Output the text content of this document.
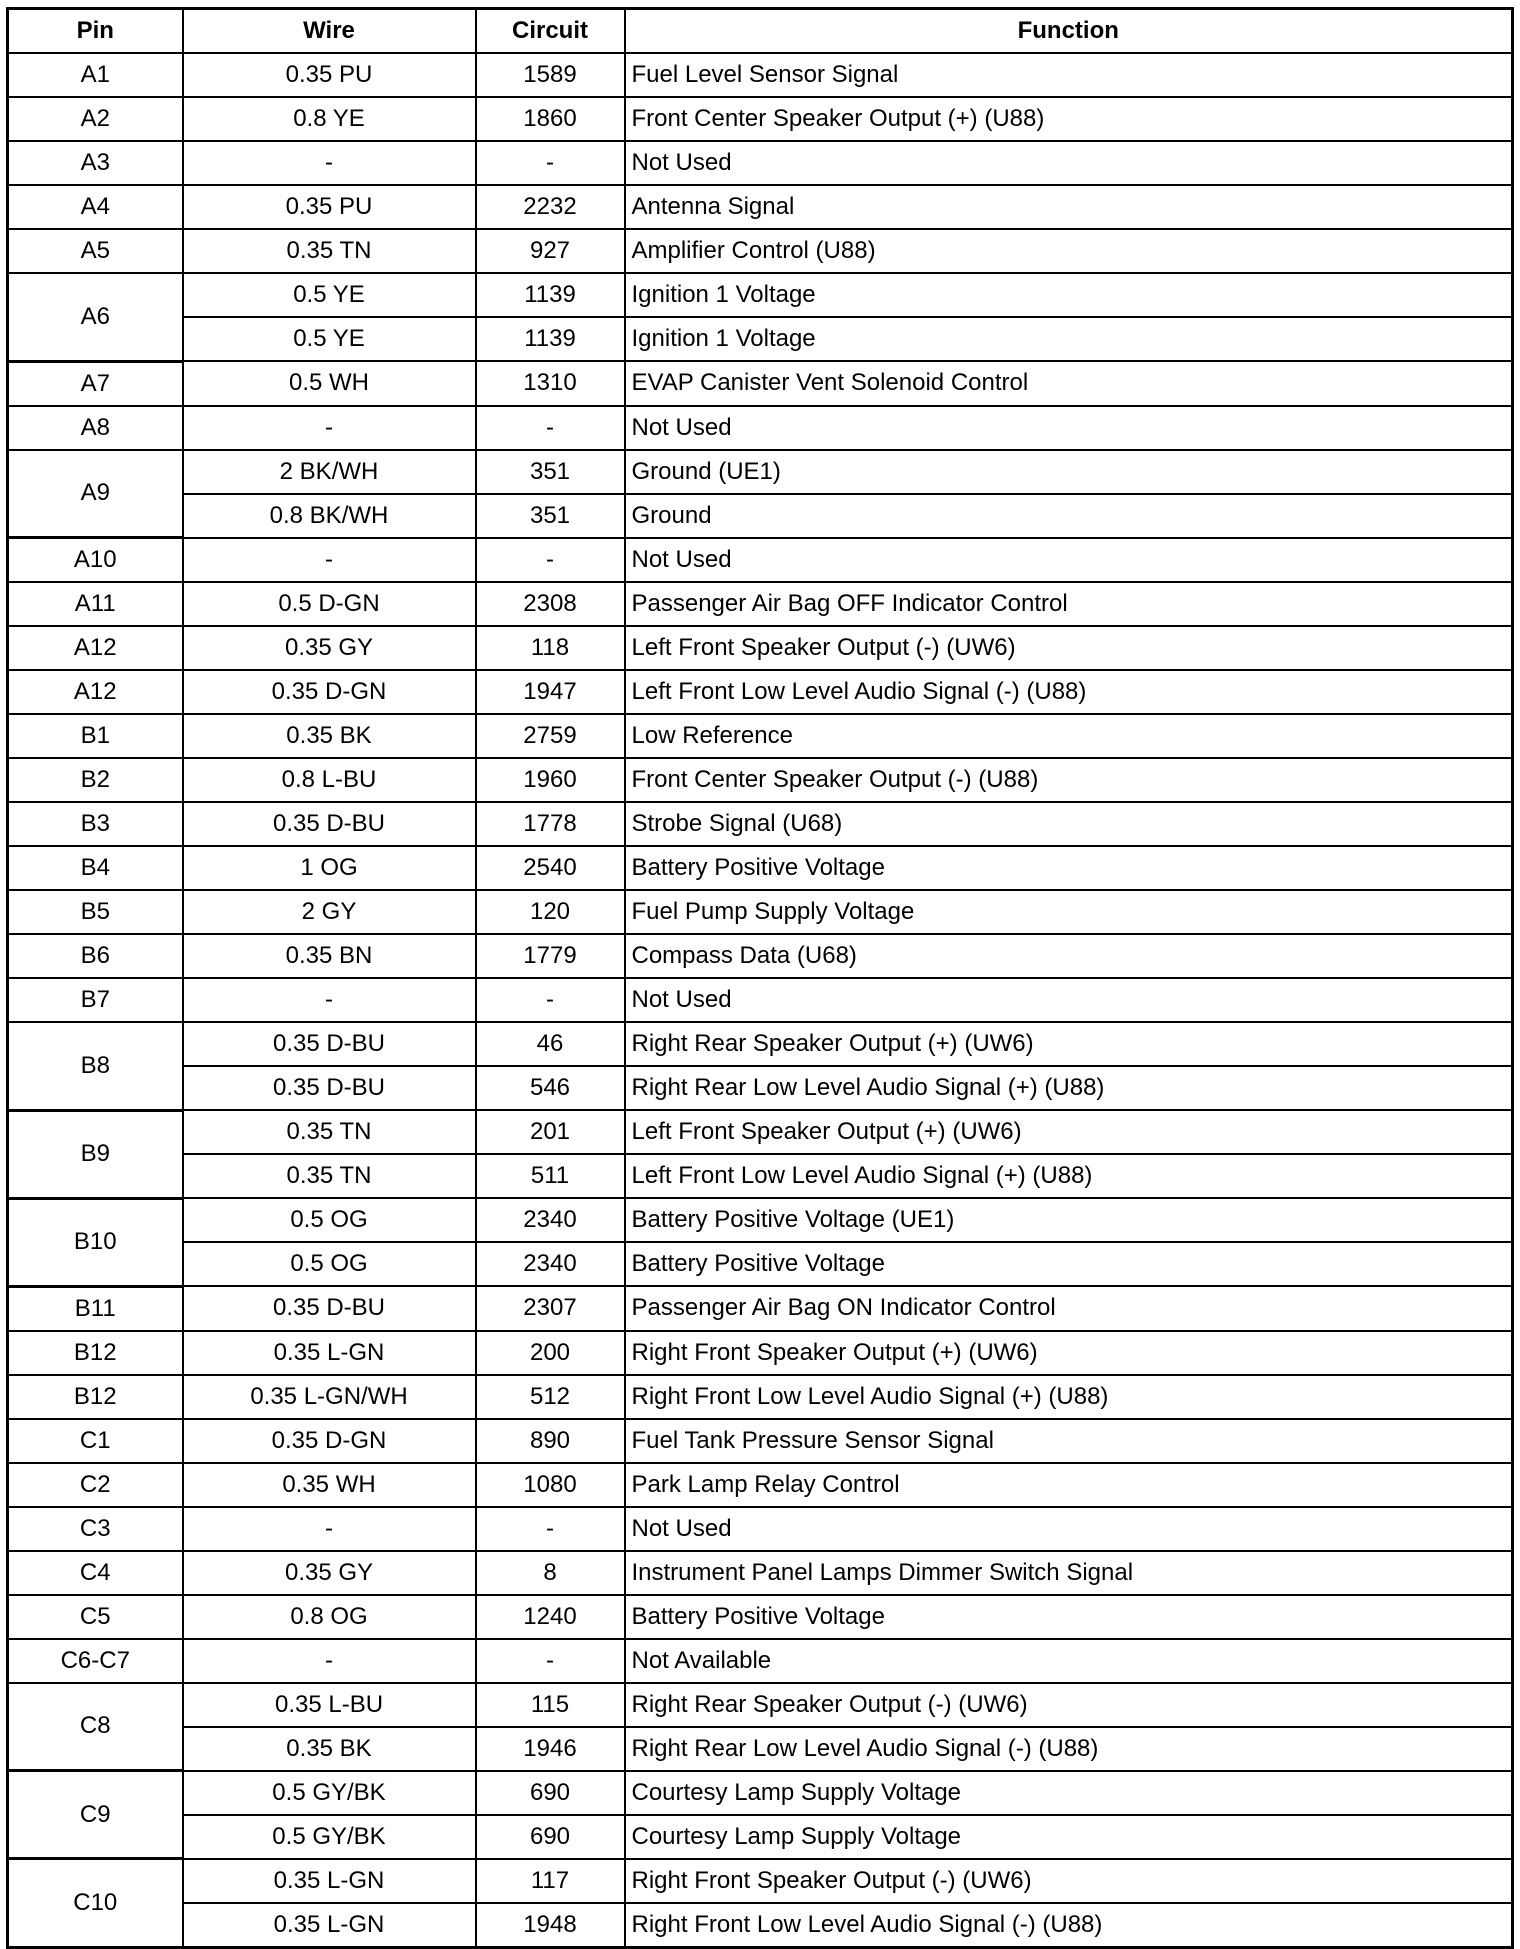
Pin	Wire	Circuit	Function
A1	0.35 PU	1589	Fuel Level Sensor Signal
A2	0.8 YE	1860	Front Center Speaker Output (+) (U88)
A3	-	-	Not Used
A4	0.35 PU	2232	Antenna Signal
A5	0.35 TN	927	Amplifier Control (U88)
A6	0.5 YE	1139	Ignition 1 Voltage
	0.5 YE	1139	Ignition 1 Voltage
A7	0.5 WH	1310	EVAP Canister Vent Solenoid Control
A8	-	-	Not Used
A9	2 BK/WH	351	Ground (UE1)
	0.8 BK/WH	351	Ground
A10	-	-	Not Used
A11	0.5 D-GN	2308	Passenger Air Bag OFF Indicator Control
A12	0.35 GY	118	Left Front Speaker Output (-) (UW6)
A12	0.35 D-GN	1947	Left Front Low Level Audio Signal (-) (U88)
B1	0.35 BK	2759	Low Reference
B2	0.8 L-BU	1960	Front Center Speaker Output (-) (U88)
B3	0.35 D-BU	1778	Strobe Signal (U68)
B4	1 OG	2540	Battery Positive Voltage
B5	2 GY	120	Fuel Pump Supply Voltage
B6	0.35 BN	1779	Compass Data (U68)
B7	-	-	Not Used
B8	0.35 D-BU	46	Right Rear Speaker Output (+) (UW6)
	0.35 D-BU	546	Right Rear Low Level Audio Signal (+) (U88)
B9	0.35 TN	201	Left Front Speaker Output (+) (UW6)
	0.35 TN	511	Left Front Low Level Audio Signal (+) (U88)
B10	0.5 OG	2340	Battery Positive Voltage (UE1)
	0.5 OG	2340	Battery Positive Voltage
B11	0.35 D-BU	2307	Passenger Air Bag ON Indicator Control
B12	0.35 L-GN	200	Right Front Speaker Output (+) (UW6)
B12	0.35 L-GN/WH	512	Right Front Low Level Audio Signal (+) (U88)
C1	0.35 D-GN	890	Fuel Tank Pressure Sensor Signal
C2	0.35 WH	1080	Park Lamp Relay Control
C3	-	-	Not Used
C4	0.35 GY	8	Instrument Panel Lamps Dimmer Switch Signal
C5	0.8 OG	1240	Battery Positive Voltage
C6-C7	-	-	Not Available
C8	0.35 L-BU	115	Right Rear Speaker Output (-) (UW6)
	0.35 BK	1946	Right Rear Low Level Audio Signal (-) (U88)
C9	0.5 GY/BK	690	Courtesy Lamp Supply Voltage
	0.5 GY/BK	690	Courtesy Lamp Supply Voltage
C10	0.35 L-GN	117	Right Front Speaker Output (-) (UW6)
	0.35 L-GN	1948	Right Front Low Level Audio Signal (-) (U88)
